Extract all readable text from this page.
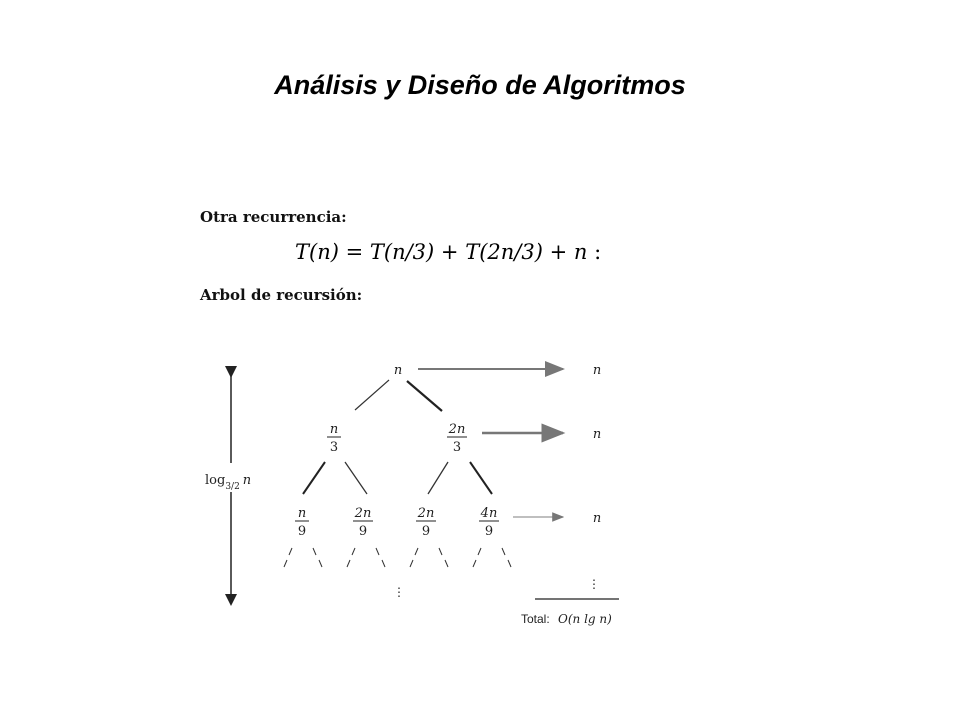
Análisis y Diseño de Algoritmos
Otra recurrencia:
T(n) = T(n/3) + T(2n/3) + n :
Arbol de recursión:
$\log_{3/2} n$
n
n
3
2n
3
n
9
2n
9
2n
9
4n
9
⋮
⋮
n
n
n
Total: O(n lg n)
